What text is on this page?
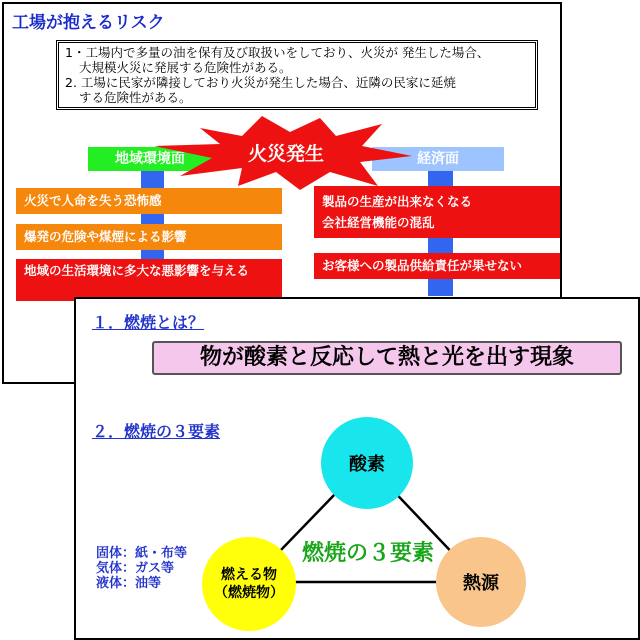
工場が抱えるリスク
1・工場内で多量の油を保有及び取扱いをしており、火災が 発生した場合、
大規模火災に発展する危険性がある。
2. 工場に民家が隣接しており火災が発生した場合、近隣の民家に延焼
する危険性がある。
地域環境面	経済面
火災発生
火災で人命を失う恐怖感
爆発の危険や煤煙による影響
地域の生活環境に多大な悪影響を与える
製品の生産が出来なくなる
会社経営機能の混乱
お客様への製品供給責任が果せない
１．燃焼とは？
物が酸素と反応して熱と光を出す現象
２．燃焼の３要素
酸素
熱源
燃える物
（燃焼物）
燃焼の３要素
固体：紙・布等
気体：ガス等
液体：油等
